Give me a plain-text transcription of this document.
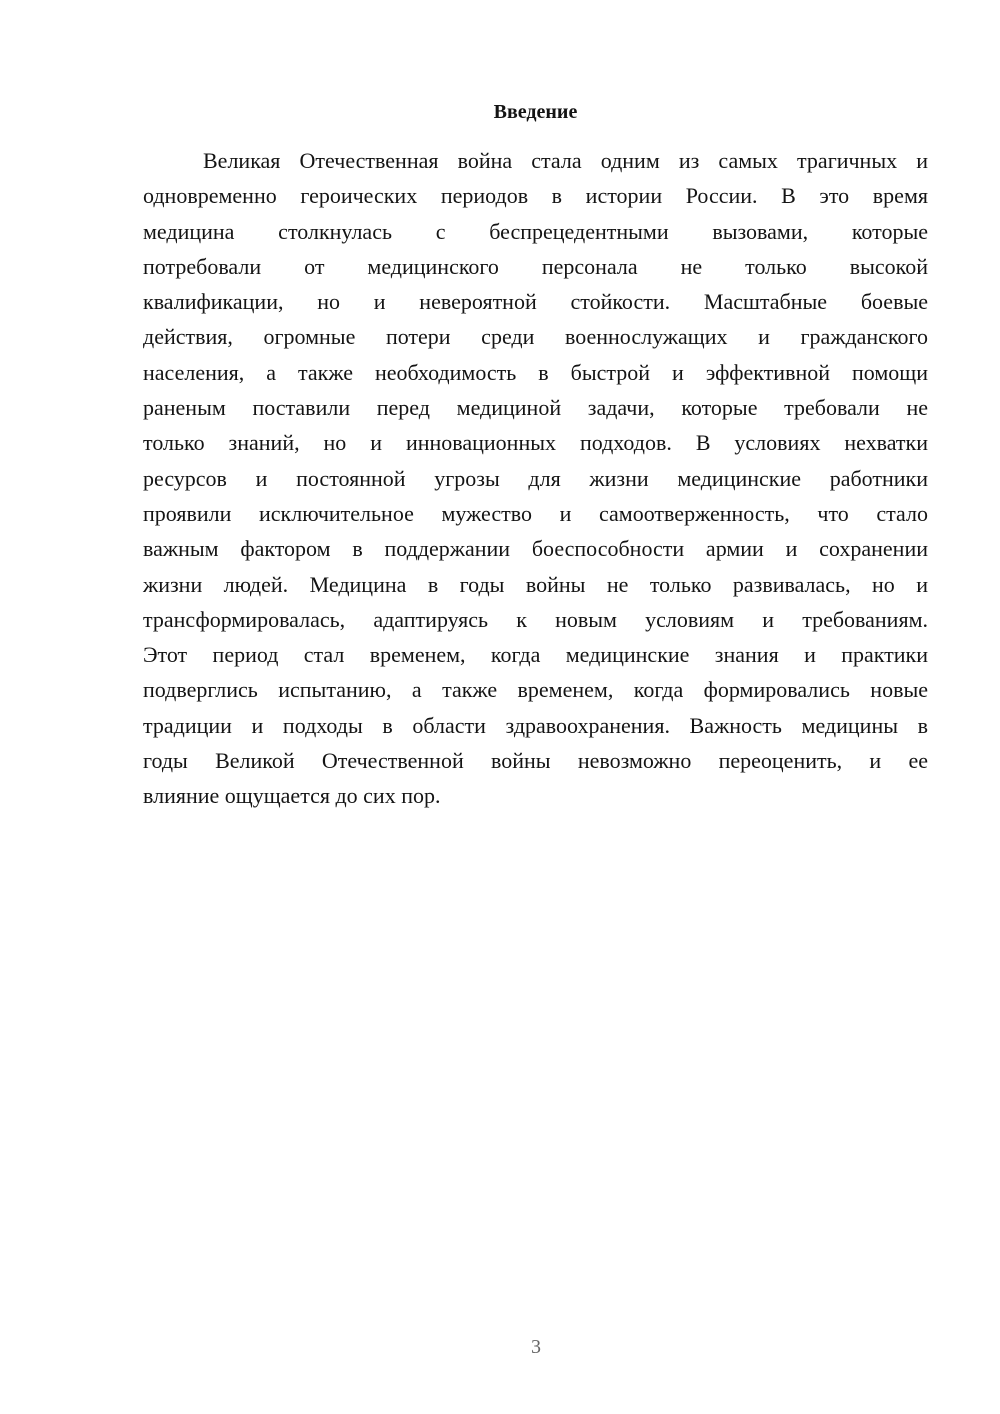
Введение
Великая Отечественная война стала одним из самых трагичных и
одновременно героических периодов в истории России. В это время
медицина столкнулась с беспрецедентными вызовами, которые
потребовали от медицинского персонала не только высокой
квалификации, но и невероятной стойкости. Масштабные боевые
действия, огромные потери среди военнослужащих и гражданского
населения, а также необходимость в быстрой и эффективной помощи
раненым поставили перед медициной задачи, которые требовали не
только знаний, но и инновационных подходов. В условиях нехватки
ресурсов и постоянной угрозы для жизни медицинские работники
проявили исключительное мужество и самоотверженность, что стало
важным фактором в поддержании боеспособности армии и сохранении
жизни людей. Медицина в годы войны не только развивалась, но и
трансформировалась, адаптируясь к новым условиям и требованиям.
Этот период стал временем, когда медицинские знания и практики
подверглись испытанию, а также временем, когда формировались новые
традиции и подходы в области здравоохранения. Важность медицины в
годы Великой Отечественной войны невозможно переоценить, и ее
влияние ощущается до сих пор.
3
